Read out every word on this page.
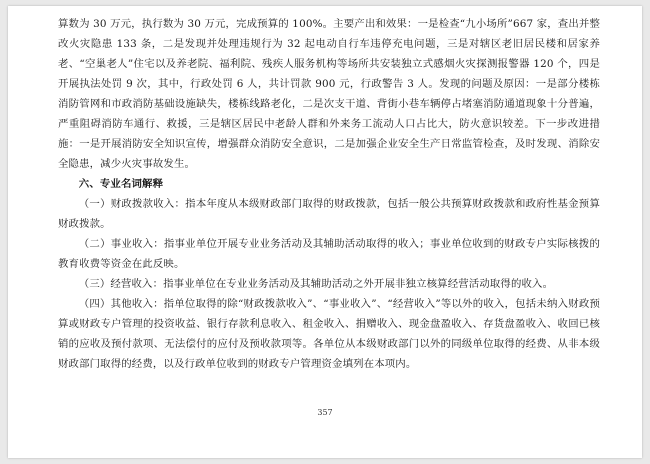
算数为 30 万元，执行数为 30 万元，完成预算的 100%。主要产出和效果：一是检查“九小场所”667 家，查出并整改火灾隐患 133 条，二是发现并处理违规行为 32 起电动自行车违停充电问题，三是对辖区老旧居民楼和居家养老、“空巢老人”住宅以及养老院、福利院、残疾人服务机构等场所共安装独立式感烟火灾探测报警器 120 个，四是开展执法处罚 9 次，其中，行政处罚 6 人，共计罚款 900 元，行政警告 3 人。发现的问题及原因：一是部分楼栋消防管网和市政消防基础设施缺失，楼栋线路老化，二是次支干道、背街小巷车辆停占堵塞消防通道现象十分普遍，严重阻碍消防车通行、救援，三是辖区居民中老龄人群和外来务工流动人口占比大，防火意识较差。下一步改进措施：一是开展消防安全知识宣传，增强群众消防安全意识，二是加强企业安全生产日常监管检查，及时发现、消除安全隐患，减少火灾事故发生。

六、专业名词解释

（一）财政拨款收入：指本年度从本级财政部门取得的财政拨款，包括一般公共预算财政拨款和政府性基金预算财政拨款。

（二）事业收入：指事业单位开展专业业务活动及其辅助活动取得的收入；事业单位收到的财政专户实际核拨的教育收费等资金在此反映。

（三）经营收入：指事业单位在专业业务活动及其辅助活动之外开展非独立核算经营活动取得的收入。

（四）其他收入：指单位取得的除“财政拨款收入”、“事业收入”、“经营收入”等以外的收入，包括未纳入财政预算或财政专户管理的投资收益、银行存款利息收入、租金收入、捐赠收入、现金盘盈收入、存货盘盈收入、收回已核销的应收及预付款项、无法偿付的应付及预收款项等。各单位从本级财政部门以外的同级单位取得的经费、从非本级财政部门取得的经费，以及行政单位收到的财政专户管理资金填列在本项内。

357
